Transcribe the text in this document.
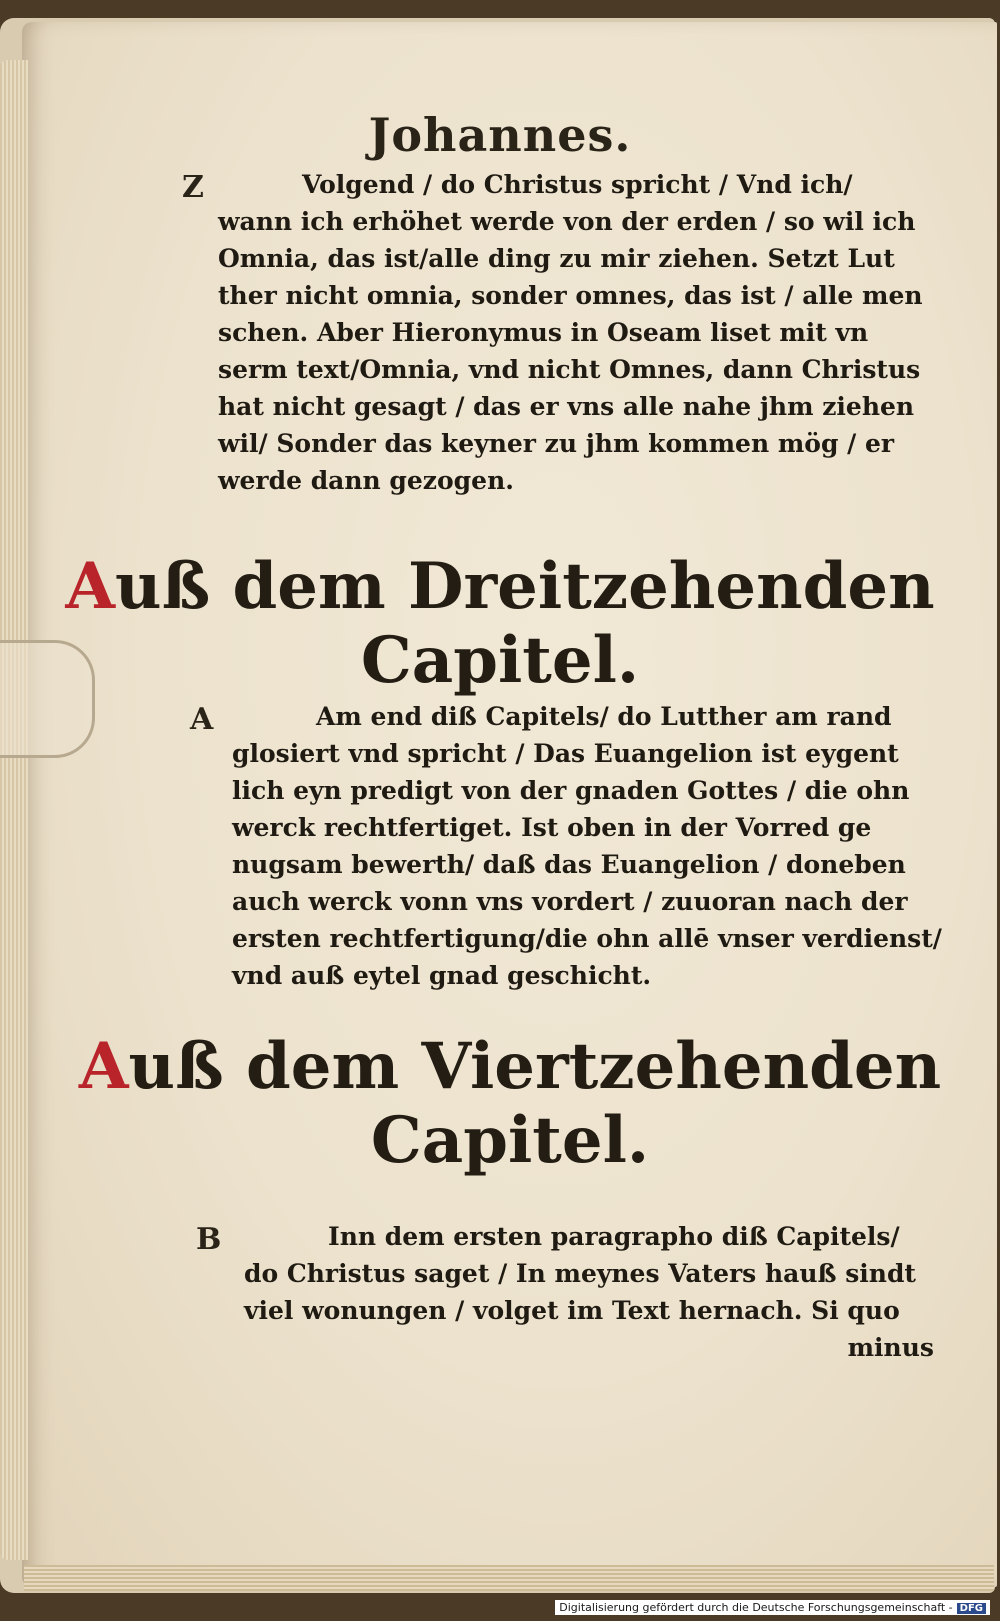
Johannes.
Z	Volgend / do Christus spricht / Vnd ich/
wann ich erhöhet werde von der erden / so wil ich
Omnia, das ist/alle ding zu mir ziehen. Setzt Lut
ther nicht omnia, sonder omnes, das ist / alle men
schen. Aber Hieronymus in Oseam liset mit vn
serm text/Omnia, vnd nicht Omnes, dann Christus
hat nicht gesagt / das er vns alle nahe jhm ziehen
wil/ Sonder das keyner zu jhm kommen mög / er
werde dann gezogen.
Auß dem Dreitzehenden
Capitel.
A	Am end diß Capitels/ do Lutther am rand
glosiert vnd spricht / Das Euangelion ist eygent
lich eyn predigt von der gnaden Gottes / die ohn
werck rechtfertiget. Ist oben in der Vorred ge
nugsam bewerth/ daß das Euangelion / doneben
auch werck vonn vns vordert / zuuoran nach der
ersten rechtfertigung/die ohn allē vnser verdienst/
vnd auß eytel gnad geschicht.
Auß dem Viertzehenden
Capitel.
B	Inn dem ersten paragrapho diß Capitels/
do Christus saget / In meynes Vaters hauß sindt
viel wonungen / volget im Text hernach. Si quo
minus
Digitalisierung gefördert durch die Deutsche Forschungsgemeinschaft - DFG
